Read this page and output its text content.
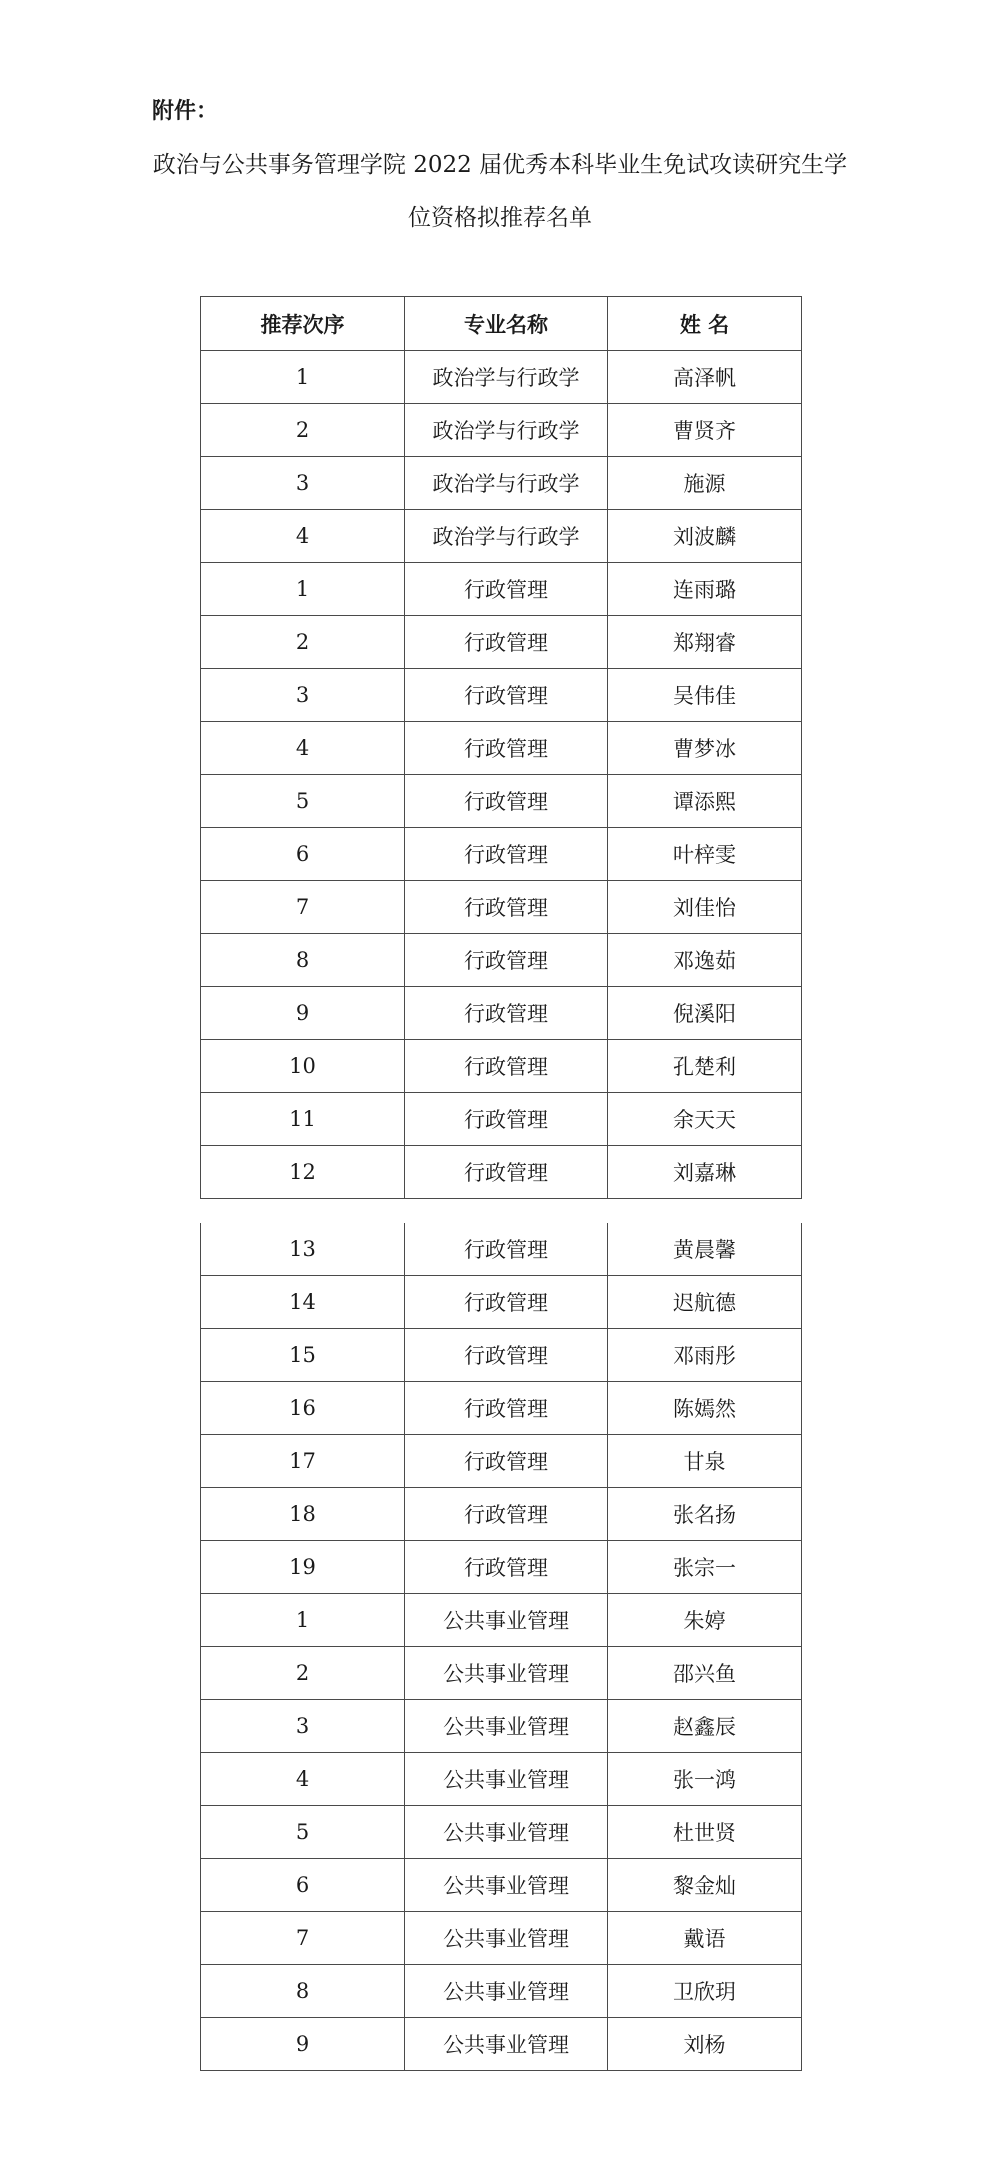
附件：
政治与公共事务管理学院 2022 届优秀本科毕业生免试攻读研究生学
位资格拟推荐名单
推荐次序	专业名称	姓 名
1	政治学与行政学	高泽帆
2	政治学与行政学	曹贤齐
3	政治学与行政学	施源
4	政治学与行政学	刘波麟
1	行政管理	连雨璐
2	行政管理	郑翔睿
3	行政管理	吴伟佳
4	行政管理	曹梦冰
5	行政管理	谭添熙
6	行政管理	叶梓雯
7	行政管理	刘佳怡
8	行政管理	邓逸茹
9	行政管理	倪溪阳
10	行政管理	孔楚利
11	行政管理	余天天
12	行政管理	刘嘉琳
13	行政管理	黄晨馨
14	行政管理	迟航德
15	行政管理	邓雨彤
16	行政管理	陈嫣然
17	行政管理	甘泉
18	行政管理	张名扬
19	行政管理	张宗一
1	公共事业管理	朱婷
2	公共事业管理	邵兴鱼
3	公共事业管理	赵鑫辰
4	公共事业管理	张一鸿
5	公共事业管理	杜世贤
6	公共事业管理	黎金灿
7	公共事业管理	戴语
8	公共事业管理	卫欣玥
9	公共事业管理	刘杨
